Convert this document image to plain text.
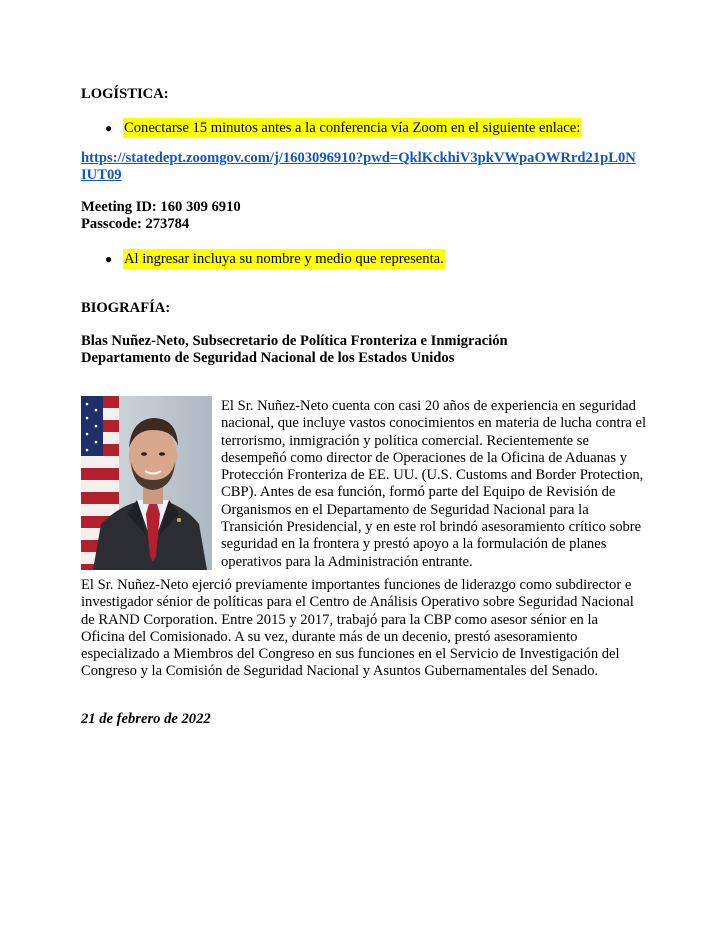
LOGÍSTICA:
● Conectarse 15 minutos antes a la conferencia vía Zoom en el siguiente enlace:
https://statedept.zoomgov.com/j/1603096910?pwd=QklKckhiV3pkVWpaOWRrd21pL0NIUT09
Meeting ID: 160 309 6910
Passcode: 273784
● Al ingresar incluya su nombre y medio que representa.
BIOGRAFÍA:
Blas Nuñez-Neto, Subsecretario de Política Fronteriza e Inmigración
Departamento de Seguridad Nacional de los Estados Unidos
El Sr. Nuñez-Neto cuenta con casi 20 años de experiencia en seguridad nacional, que incluye vastos conocimientos en materia de lucha contra el terrorismo, inmigración y política comercial. Recientemente se desempeñó como director de Operaciones de la Oficina de Aduanas y Protección Fronteriza de EE. UU. (U.S. Customs and Border Protection, CBP). Antes de esa función, formó parte del Equipo de Revisión de Organismos en el Departamento de Seguridad Nacional para la Transición Presidencial, y en este rol brindó asesoramiento crítico sobre seguridad en la frontera y prestó apoyo a la formulación de planes operativos para la Administración entrante.
El Sr. Nuñez-Neto ejerció previamente importantes funciones de liderazgo como subdirector e investigador sénior de políticas para el Centro de Análisis Operativo sobre Seguridad Nacional de RAND Corporation. Entre 2015 y 2017, trabajó para la CBP como asesor sénior en la Oficina del Comisionado. A su vez, durante más de un decenio, prestó asesoramiento especializado a Miembros del Congreso en sus funciones en el Servicio de Investigación del Congreso y la Comisión de Seguridad Nacional y Asuntos Gubernamentales del Senado.
21 de febrero de 2022
